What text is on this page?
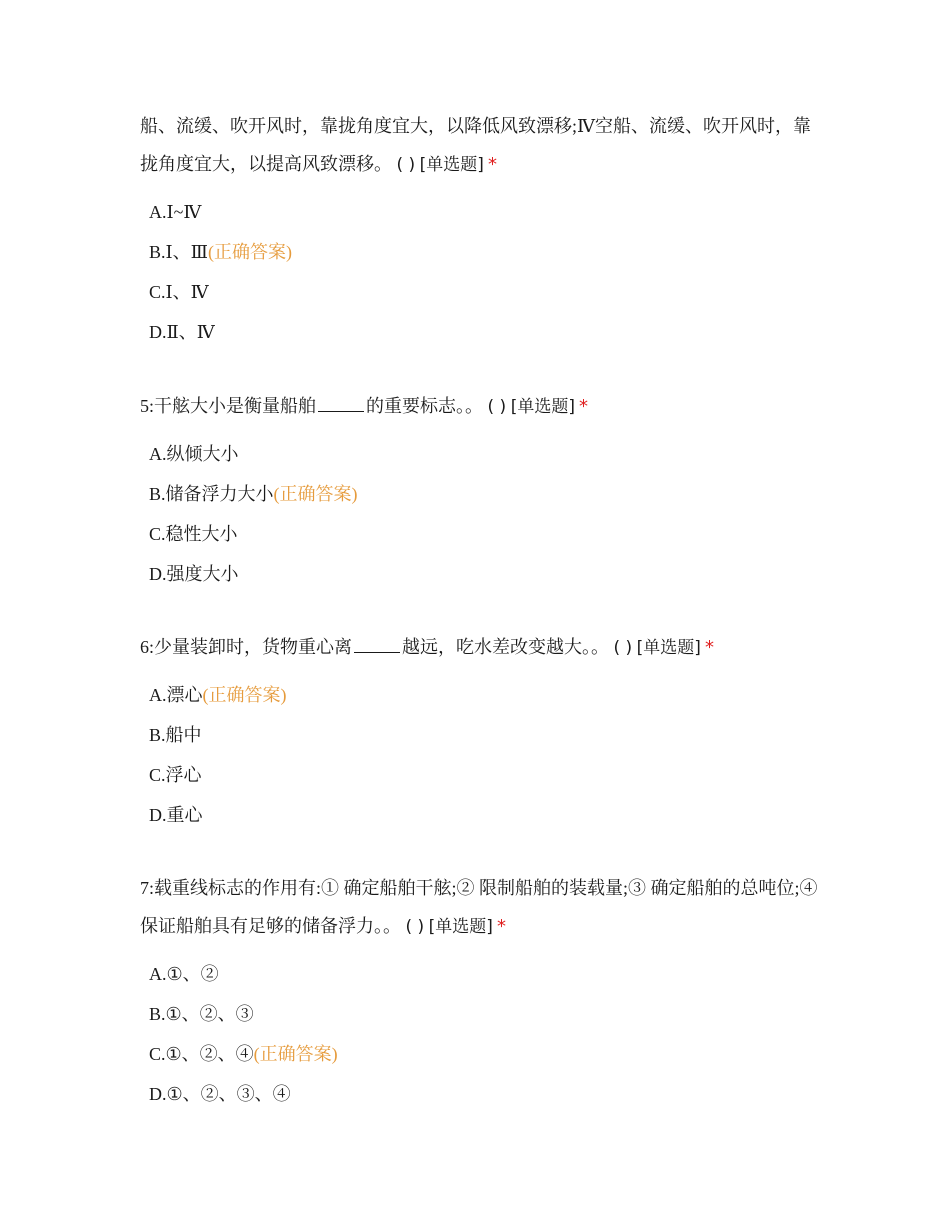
船、流缓、吹开风时，靠拢角度宜大，以降低风致漂移;Ⅳ空船、流缓、吹开风时，靠拢角度宜大，以提高风致漂移。 ( ) [单选题] *

A.Ⅰ~Ⅳ
B.Ⅰ、Ⅲ(正确答案)
C.Ⅰ、Ⅳ
D.Ⅱ、Ⅳ

5:干舷大小是衡量船舶	的重要标志。。 ( ) [单选题] *

A.纵倾大小
B.储备浮力大小(正确答案)
C.稳性大小
D.强度大小

6:少量装卸时，货物重心离	越远，吃水差改变越大。。 ( ) [单选题] *

A.漂心(正确答案)
B.船中
C.浮心
D.重心

7:载重线标志的作用有:① 确定船舶干舷;② 限制船舶的装载量;③ 确定船舶的总吨位;④ 保证船舶具有足够的储备浮力。。 ( ) [单选题] *

A.①、②
B.①、②、③
C.①、②、④(正确答案)
D.①、②、③、④
